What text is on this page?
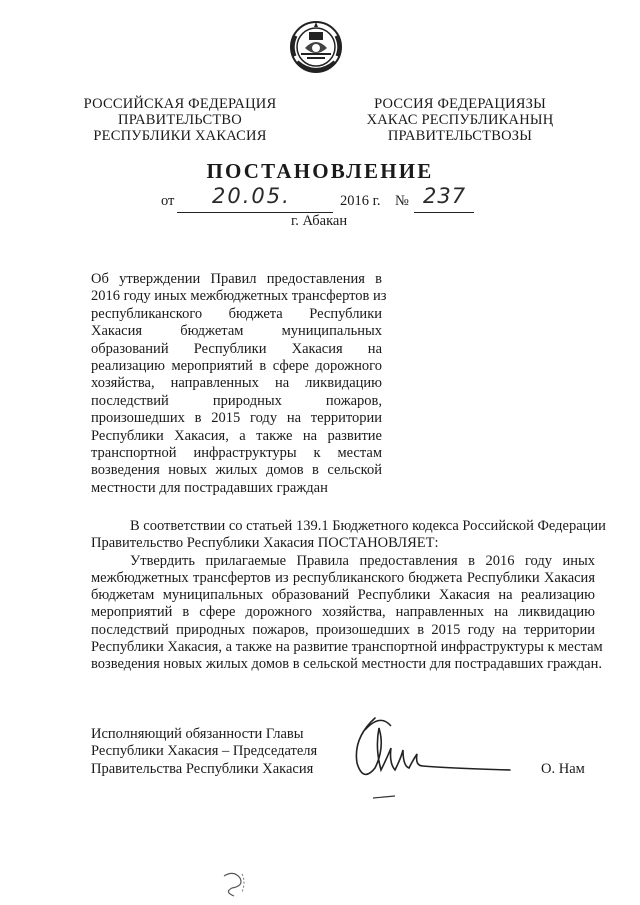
РОССИЙСКАЯ ФЕДЕРАЦИЯ
ПРАВИТЕЛЬСТВО
РЕСПУБЛИКИ ХАКАСИЯ
РОССИЯ ФЕДЕРАЦИЯЗЫ
ХАКАС РЕСПУБЛИКАНЫҢ
ПРАВИТЕЛЬСТВОЗЫ
ПОСТАНОВЛЕНИЕ
от 20.05.	2016 г. № 237
г. Абакан
Об утверждении Правил предоставления в
2016 году иных межбюджетных трансфертов из
республиканского бюджета Республики
Хакасия бюджетам муниципальных
образований Республики Хакасия на
реализацию мероприятий в сфере дорожного
хозяйства, направленных на ликвидацию
последствий природных пожаров,
произошедших в 2015 году на территории
Республики Хакасия, а также на развитие
транспортной инфраструктуры к местам
возведения новых жилых домов в сельской
местности для пострадавших граждан
В соответствии со статьей 139.1 Бюджетного кодекса Российской Федерации
Правительство Республики Хакасия ПОСТАНОВЛЯЕТ:
Утвердить прилагаемые Правила предоставления в 2016 году иных
межбюджетных трансфертов из республиканского бюджета Республики Хакасия
бюджетам муниципальных образований Республики Хакасия на реализацию
мероприятий в сфере дорожного хозяйства, направленных на ликвидацию
последствий природных пожаров, произошедших в 2015 году на территории
Республики Хакасия, а также на развитие транспортной инфраструктуры к местам
возведения новых жилых домов в сельской местности для пострадавших граждан.
Исполняющий обязанности Главы
Республики Хакасия – Председателя
Правительства Республики Хакасия	О. Нам
